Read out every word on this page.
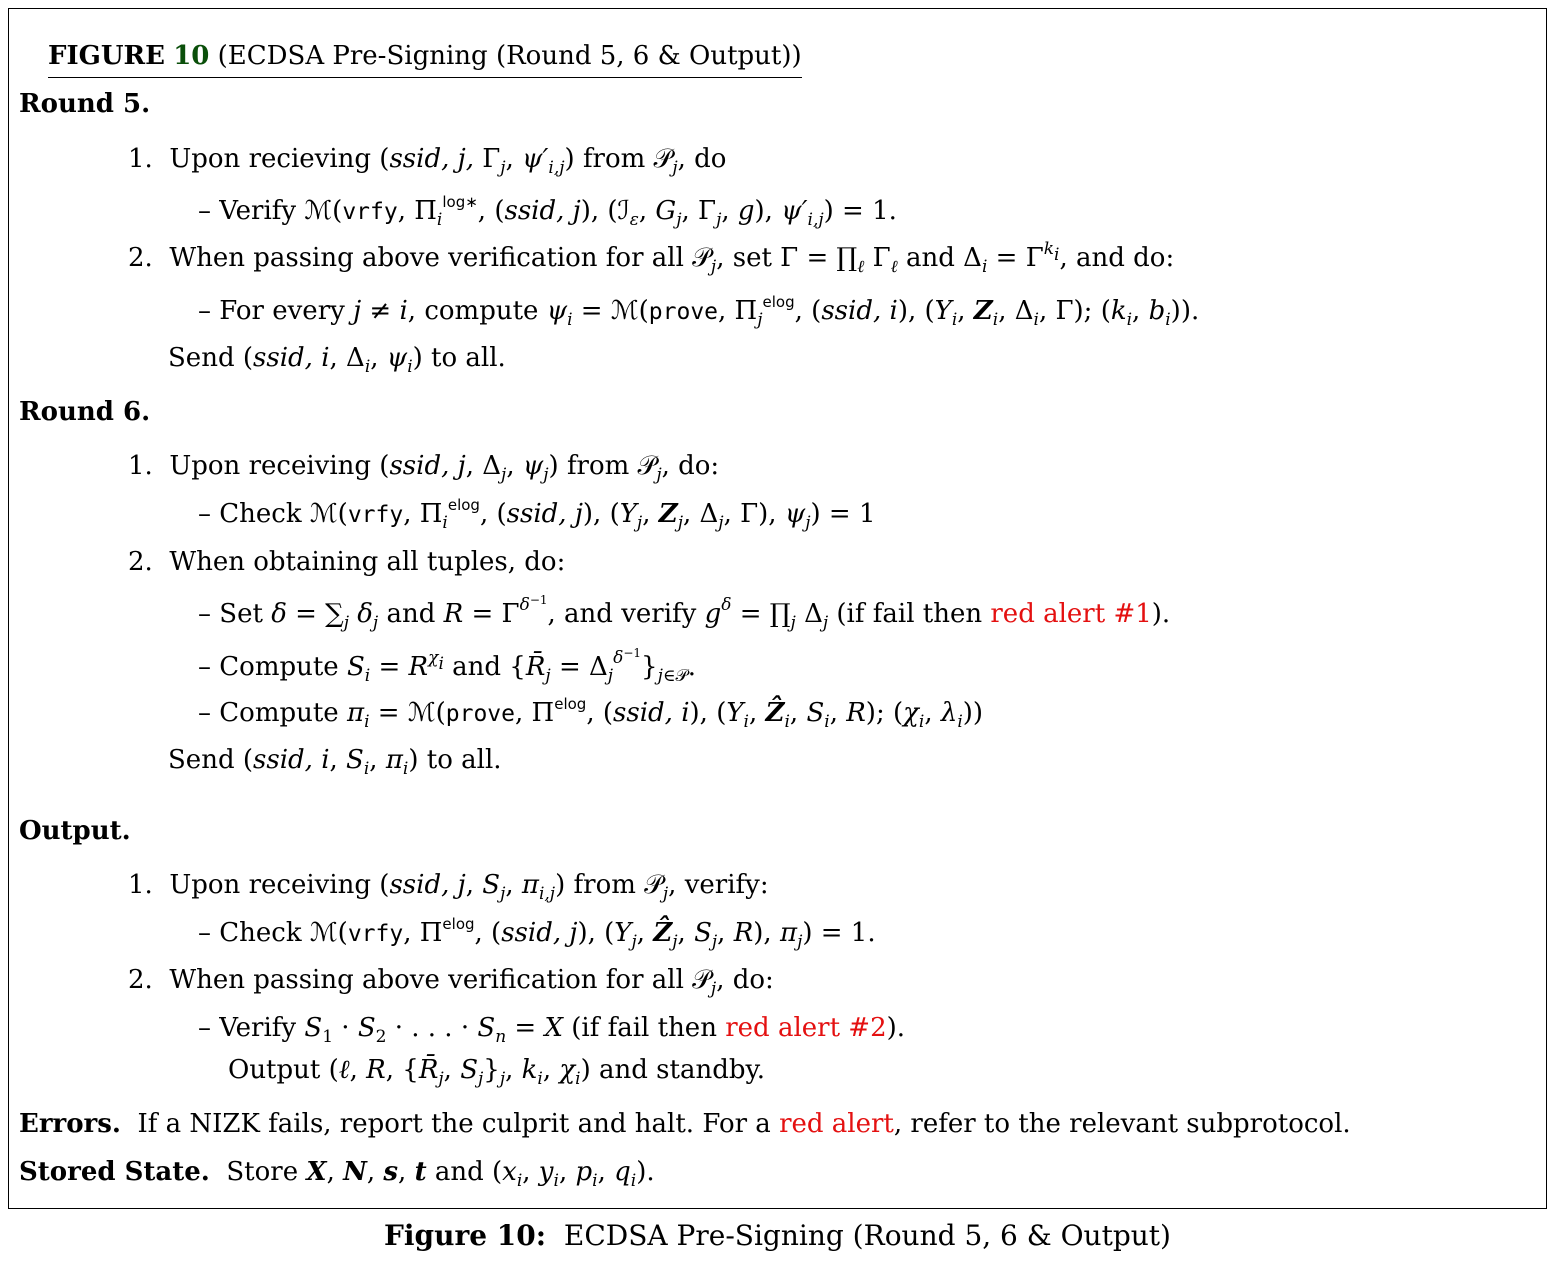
FIGURE 10 (ECDSA Pre-Signing (Round 5, 6 & Output))
Round 5.
1. Upon recieving (ssid, j, $\Gamma_j$, $\psi'_{i,j}$) from 𝒫$_j$, do
– Verify ℳ(vrfy, $\Pi_i^{log∗}$, (ssid, j), (ℐ$_\varepsilon$, $G_j$, $\Gamma_j$, g), $\psi'_{i,j}) = 1$.
2. When passing above verification for all 𝒫$_j$, set $\Gamma = \prod_\ell$ $\Gamma_\ell$ and $\Delta_i = \Gamma^{k_i}$, and do:
– For every j ≠ i, compute $\psi_i$ = ℳ(prove, $\Pi_j^{elog}$, (ssid, i), ($Y_i$, $Z_i$, $\Delta_i$, Γ); ($k_i$, $b_i$)).
Send (ssid, i, $\Delta_i$, $\psi_i$) to all.
Round 6.
1. Upon receiving (ssid, j, $\Delta_j$, $\psi_j$) from 𝒫$_j$, do:
– Check ℳ(vrfy, $\Pi_i^{elog}$, (ssid, j), ($Y_j$, $Z_j$, $\Delta_j$, Γ), $\psi_j) = 1$
2. When obtaining all tuples, do:
– Set $\delta = \sum_j$ $\delta_j$ and $R = \Gamma^{\delta^{-1}}$, and verify $g^\delta$ = $\prod_j$ $\Delta_j$ (if fail then red alert #1).
– Compute $S_i = R^{\chi_i}$ and $\{R̄_j = \Delta_j^{\delta^{-1}}\}_{j\in 𝒫}$.
– Compute $\pi_i$ = ℳ(prove, $\Pi^{elog}$, (ssid, i), ($Y_i$, Ẑ$_i$, $S_i$, R); ($\chi_i$, $\lambda_i$))
Send (ssid, i, $S_i$, $\pi_i$) to all.
Output.
1. Upon receiving (ssid, j, $S_j$, $\pi_{i,j}$) from 𝒫$_j$, verify:
– Check ℳ(vrfy, $\Pi^{elog}$, (ssid, j), ($Y_j$, Ẑ$_j$, $S_j$, R), $\pi_j) = 1$.
2. When passing above verification for all 𝒫$_j$, do:
– Verify $S_1 \cdot S_2$ · . . . · $S_n = X$ (if fail then red alert #2).
Output (ℓ, R, {$R̄_j$, $S_j\}_j$, $k_i$, $\chi_i$) and standby.
Errors. If a NIZK fails, report the culprit and halt. For a red alert, refer to the relevant subprotocol.
Stored State. Store X, N, s, t and ($x_i$, $y_i$, $p_i$, $q_i$).
Figure 10: ECDSA Pre-Signing (Round 5, 6 & Output)
